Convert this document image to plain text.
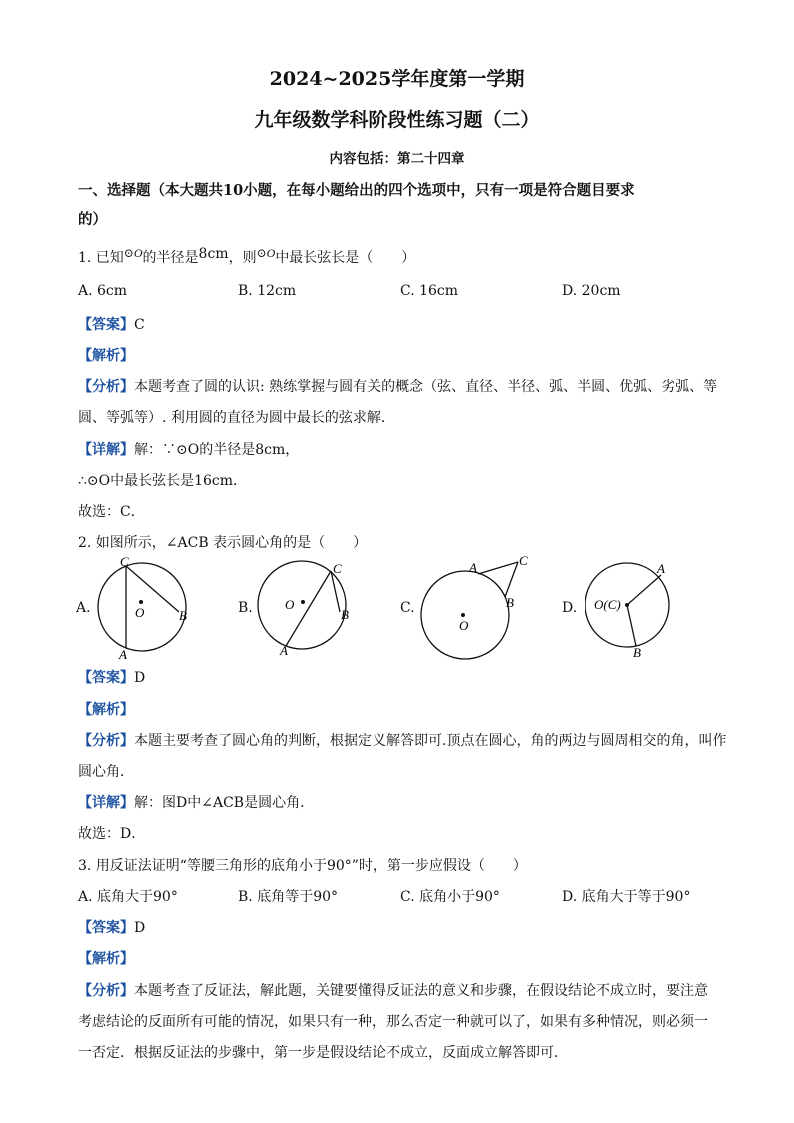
2024~2025学年度第一学期
九年级数学科阶段性练习题（二）
内容包括：第二十四章
一、选择题（本大题共10小题，在每小题给出的四个选项中，只有一项是符合题目要求
的）
1. 已知⊙O的半径是8cm，则⊙O中最长弦长是（　　）
A. 6cm	B. 12cm	C. 16cm	D. 20cm
【答案】C
【解析】
【分析】本题考查了圆的认识: 熟练掌握与圆有关的概念（弦、直径、半径、弧、半圆、优弧、劣弧、等
圆、等弧等）. 利用圆的直径为圆中最长的弦求解．
【详解】解：∵⊙O的半径是8cm，
∴⊙O中最长弦长是16cm．
故选：C．
2. 如图所示，∠ACB 表示圆心角的是（　　）
A.	B.	C.	D.
C
O	B
A
O
C
B
A
A	C
B
O
O(C)
A
B
【答案】D
【解析】
【分析】本题主要考查了圆心角的判断，根据定义解答即可.顶点在圆心，角的两边与圆周相交的角，叫作
圆心角．
【详解】解：图D中∠ACB是圆心角．
故选：D．
3. 用反证法证明“等腰三角形的底角小于90°”时，第一步应假设（　　）
A. 底角大于90°	B. 底角等于90°	C. 底角小于90°	D. 底角大于等于90°
【答案】D
【解析】
【分析】本题考查了反证法，解此题，关键要懂得反证法的意义和步骤，在假设结论不成立时，要注意
考虑结论的反面所有可能的情况，如果只有一种，那么否定一种就可以了，如果有多种情况，则必须一
一否定．根据反证法的步骤中，第一步是假设结论不成立，反面成立解答即可．
